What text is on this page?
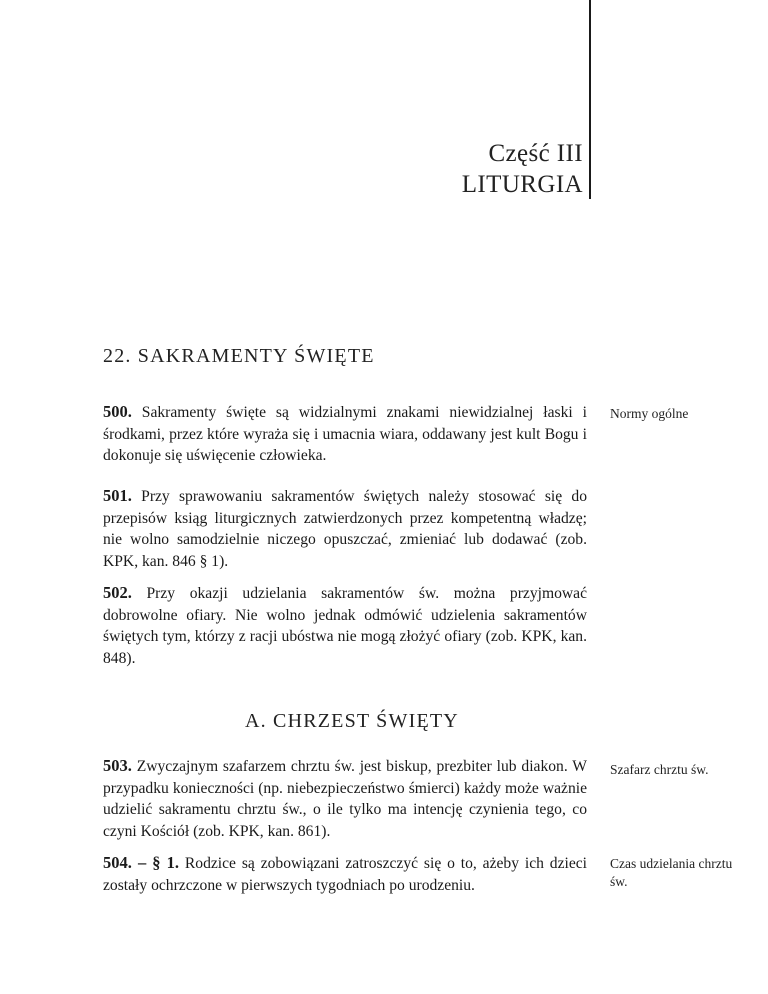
Część III
LITURGIA
22. SAKRAMENTY ŚWIĘTE
500. Sakramenty święte są widzialnymi znakami niewidzialnej łaski i środkami, przez które wyraża się i umacnia wiara, oddawany jest kult Bogu i dokonuje się uświęcenie człowieka.
Normy ogólne
501. Przy sprawowaniu sakramentów świętych należy stosować się do przepisów ksiąg liturgicznych zatwierdzonych przez kompetentną władzę; nie wolno samodzielnie niczego opuszczać, zmieniać lub dodawać (zob. KPK, kan. 846 § 1).
502. Przy okazji udzielania sakramentów św. można przyjmować dobrowolne ofiary. Nie wolno jednak odmówić udzielenia sakramentów świętych tym, którzy z racji ubóstwa nie mogą złożyć ofiary (zob. KPK, kan. 848).
A. CHRZEST ŚWIĘTY
503. Zwyczajnym szafarzem chrztu św. jest biskup, prezbiter lub diakon. W przypadku konieczności (np. niebezpieczeństwo śmierci) każdy może ważnie udzielić sakramentu chrztu św., o ile tylko ma intencję czynienia tego, co czyni Kościół (zob. KPK, kan. 861).
Szafarz chrztu św.
504. – § 1. Rodzice są zobowiązani zatroszczyć się o to, ażeby ich dzieci zostały ochrzczone w pierwszych tygodniach po urodzeniu.
Czas udzielania chrztu św.
